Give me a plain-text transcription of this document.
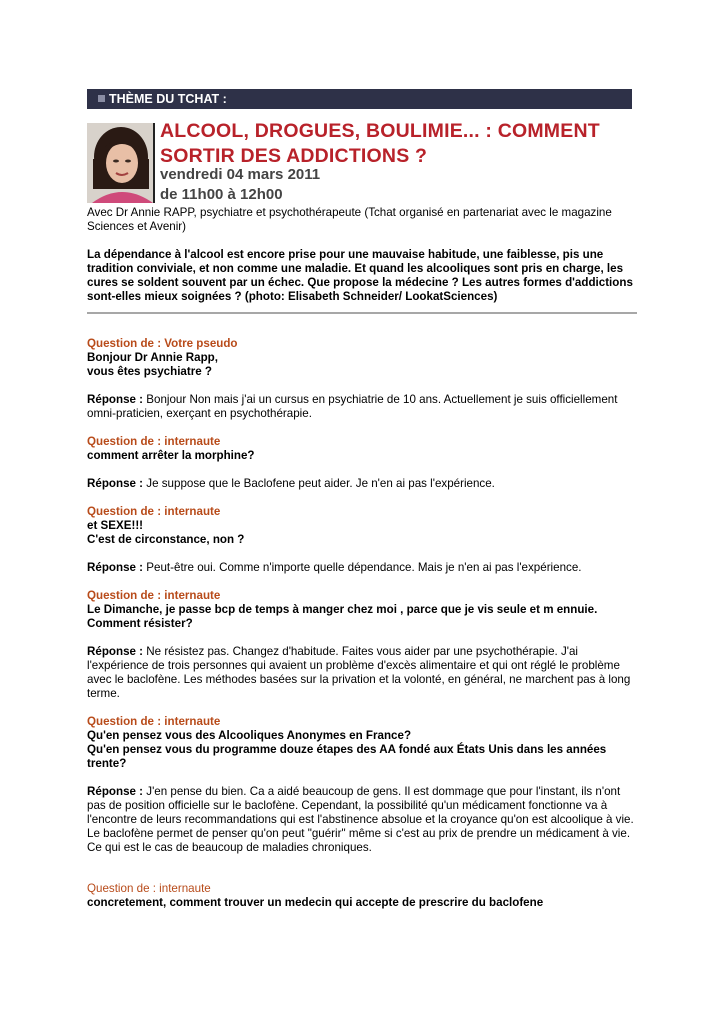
THÈME DU TCHAT :
ALCOOL, DROGUES, BOULIMIE... : COMMENT SORTIR DES ADDICTIONS ?
vendredi 04 mars 2011
de 11h00 à 12h00
Avec Dr Annie RAPP, psychiatre et psychothérapeute (Tchat organisé en partenariat avec le magazine Sciences et Avenir)
La dépendance à l'alcool est encore prise pour une mauvaise habitude, une faiblesse, pis une tradition conviviale, et non comme une maladie. Et quand les alcooliques sont pris en charge, les cures se soldent souvent par un échec. Que propose la médecine ? Les autres formes d'addictions sont-elles mieux soignées ? (photo: Elisabeth Schneider/ LookatSciences)

Question de : Votre pseudo

Bonjour Dr Annie Rapp,

vous êtes psychiatre ?

Réponse : Bonjour Non mais j'ai un cursus en psychiatrie de 10 ans. Actuellement je suis officiellement omni-praticien, exerçant en psychothérapie.

Question de : internaute

comment arrêter la morphine?

Réponse : Je suppose que le Baclofene peut aider. Je n'en ai pas l'expérience.

Question de : internaute

et SEXE!!!

C'est de circonstance, non ?

Réponse : Peut-être oui. Comme n'importe quelle dépendance. Mais je n'en ai pas l'expérience.

Question de : internaute

Le Dimanche, je passe bcp de temps à manger chez moi , parce que je vis seule et m ennuie. Comment résister?

Réponse : Ne résistez pas. Changez d'habitude. Faites vous aider par une psychothérapie. J'ai l'expérience de trois personnes qui avaient un problème d'excès alimentaire et qui ont réglé le problème avec le baclofène. Les méthodes basées sur la privation et la volonté, en général, ne marchent pas à long terme.

Question de : internaute

Qu'en pensez vous des Alcooliques Anonymes en France?

Qu'en pensez vous du programme douze étapes des AA fondé aux États Unis dans les années trente?

Réponse : J'en pense du bien. Ca a aidé beaucoup de gens. Il est dommage que pour l'instant, ils n'ont pas de position officielle sur le baclofène. Cependant, la possibilité qu'un médicament fonctionne va à l'encontre de leurs recommandations qui est l'abstinence absolue et la croyance qu'on est alcoolique à vie.

Le baclofène permet de penser qu'on peut "guérir" même si c'est au prix de prendre un médicament à vie. Ce qui est le cas de beaucoup de maladies chroniques.

Question de : internaute

concretement, comment trouver un medecin qui accepte de prescrire du baclofene
